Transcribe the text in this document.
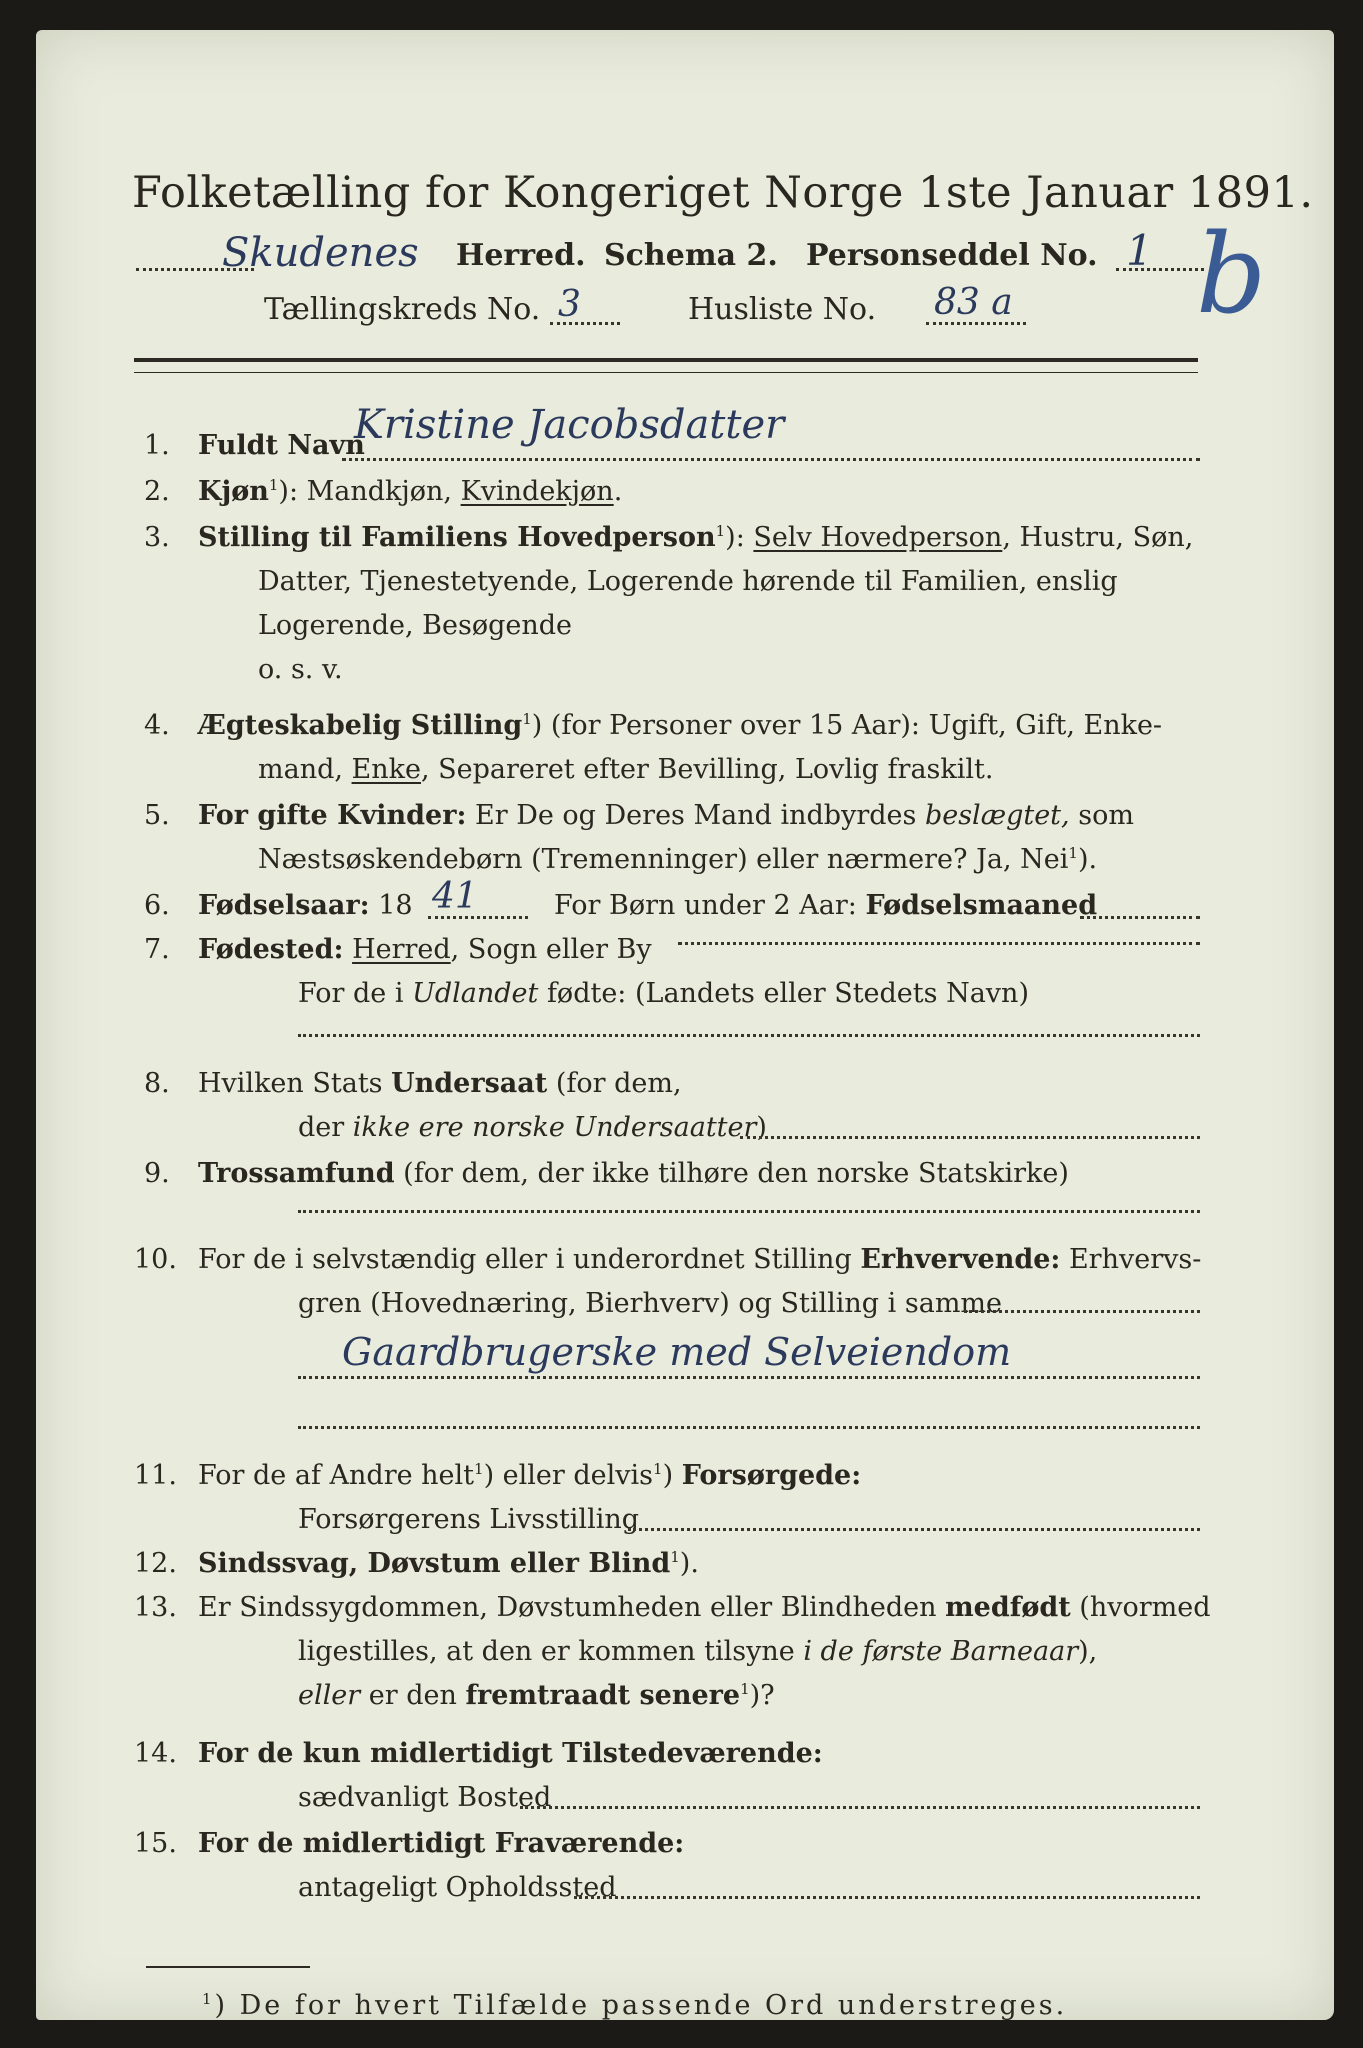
Folketælling for Kongeriget Norge 1ste Januar 1891.
Skudenes Herred. Schema 2. Personseddel No. 1
Tællingskreds No. 3	Husliste No. 83 a b
1. Fuldt Navn
Kristine Jacobsdatter
2. Kjøn$^1$): Mandkjøn, Kvindekjøn.
3. Stilling til Familiens Hovedperson$^1$): Selv Hovedperson, Hustru, Søn,
Datter, Tjenestetyende, Logerende hørende til Familien, enslig
Logerende, Besøgende
o. s. v.
4. Ægteskabelig Stilling$^1$) (for Personer over 15 Aar): Ugift, Gift, Enke-
mand, Enke, Separeret efter Bevilling, Lovlig fraskilt.
5. For gifte Kvinder: Er De og Deres Mand indbyrdes beslægtet, som
Næstsøskendebørn (Tremenninger) eller nærmere? Ja, Nei$^1$).
6. Fødselsaar: 18 41	For Børn under 2 Aar: Fødselsmaaned
7. Fødested: Herred, Sogn eller By
For de i Udlandet fødte: (Landets eller Stedets Navn)
8. Hvilken Stats Undersaat (for dem,
der ikke ere norske Undersaatter)
9. Trossamfund (for dem, der ikke tilhøre den norske Statskirke)
10. For de i selvstændig eller i underordnet Stilling Erhvervende: Erhvervs-
gren (Hovednæring, Bierhverv) og Stilling i samme
Gaardbrugerske med Selveiendom
11. For de af Andre helt$^1$) eller delvis$^1$) Forsørgede:
Forsørgerens Livsstilling
12. Sindssvag, Døvstum eller Blind$^1$).
13. Er Sindssygdommen, Døvstumheden eller Blindheden medfødt (hvormed
ligestilles, at den er kommen tilsyne i de første Barneaar),
eller er den fremtraadt senere$^1$)?
14. For de kun midlertidigt Tilstedeværende:
sædvanligt Bosted
15. For de midlertidigt Fraværende:
antageligt Opholdssted
$^1$) De for hvert Tilfælde passende Ord understreges.
